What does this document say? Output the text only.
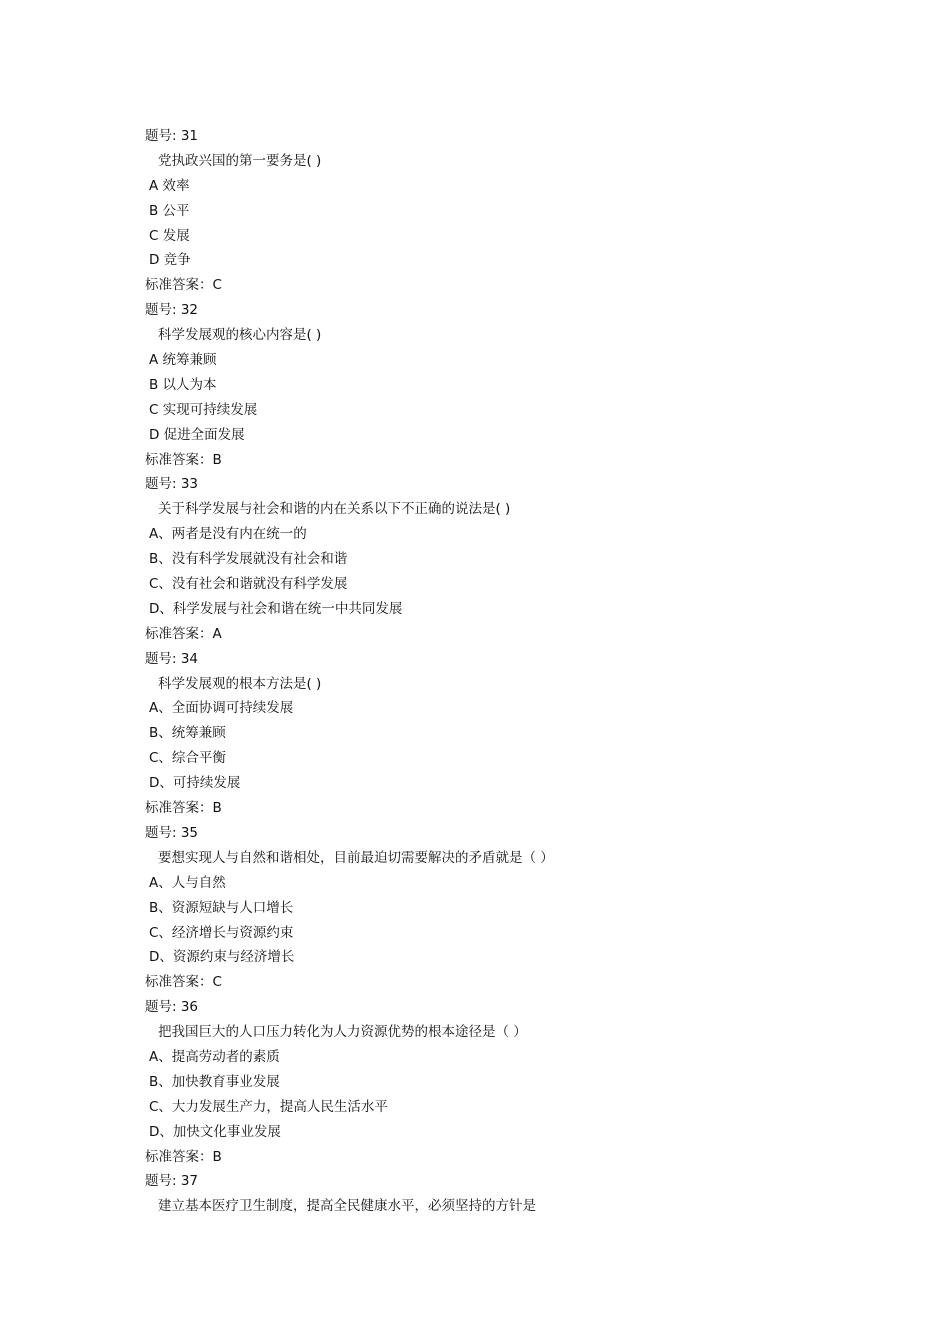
题号: 31
党执政兴国的第一要务是( )
A 效率
B 公平
C 发展
D 竞争
标准答案：C
题号: 32
科学发展观的核心内容是( )
A 统筹兼顾
B 以人为本
C 实现可持续发展
D 促进全面发展
标准答案：B
题号: 33
关于科学发展与社会和谐的内在关系以下不正确的说法是( )
A、两者是没有内在统一的
B、没有科学发展就没有社会和谐
C、没有社会和谐就没有科学发展
D、科学发展与社会和谐在统一中共同发展
标准答案：A
题号: 34
科学发展观的根本方法是( )
A、全面协调可持续发展
B、统筹兼顾
C、综合平衡
D、可持续发展
标准答案：B
题号: 35
要想实现人与自然和谐相处，目前最迫切需要解决的矛盾就是（ ）
A、人与自然
B、资源短缺与人口增长
C、经济增长与资源约束
D、资源约束与经济增长
标准答案：C
题号: 36
把我国巨大的人口压力转化为人力资源优势的根本途径是（ ）
A、提高劳动者的素质
B、加快教育事业发展
C、大力发展生产力，提高人民生活水平
D、加快文化事业发展
标准答案：B
题号: 37
建立基本医疗卫生制度，提高全民健康水平，必须坚持的方针是
